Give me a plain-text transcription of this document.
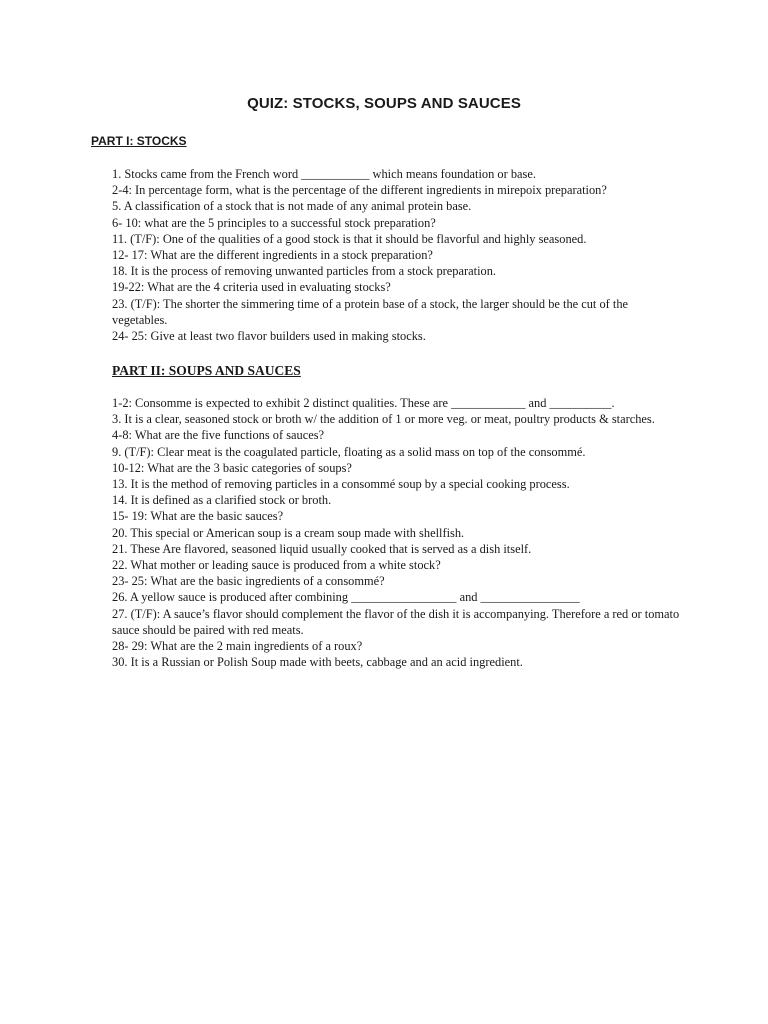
QUIZ: STOCKS, SOUPS AND SAUCES
PART I: STOCKS
1. Stocks came from the French word ___________ which means foundation or base.
2-4: In percentage form, what is the percentage of the different ingredients in mirepoix preparation?
5. A classification of a stock that is not made of any animal protein base.
6- 10: what are the 5 principles to a successful stock preparation?
11. (T/F): One of the qualities of a good stock is that it should be flavorful and highly seasoned.
12- 17: What are the different ingredients in a stock preparation?
18. It is the process of removing unwanted particles from a stock preparation.
19-22: What are the 4 criteria used in evaluating stocks?
23. (T/F): The shorter the simmering time of a protein base of a stock, the larger should be the cut of the vegetables.
24- 25: Give at least two flavor builders used in making stocks.
PART II: SOUPS AND SAUCES
1-2: Consomme is expected to exhibit 2 distinct qualities. These are ____________ and __________.
3. It is a clear, seasoned stock or broth w/ the addition of 1 or more veg. or meat, poultry products & starches.
4-8: What are the five functions of sauces?
9. (T/F): Clear meat is the coagulated particle, floating as a solid mass on top of the consommé.
10-12: What are the 3 basic categories of soups?
13. It is the method of removing particles in a consommé soup by a special cooking process.
14. It is defined as a clarified stock or broth.
15- 19: What are the basic sauces?
20. This special or American soup is a cream soup made with shellfish.
21. These Are flavored, seasoned liquid usually cooked that is served as a dish itself.
22. What mother or leading sauce is produced from a white stock?
23- 25: What are the basic ingredients of a consommé?
26. A yellow sauce is produced after combining _________________ and ________________
27. (T/F): A sauce’s flavor should complement the flavor of the dish it is accompanying. Therefore a red or tomato sauce should be paired with red meats.
28- 29: What are the 2 main ingredients of a roux?
30. It is a Russian or Polish Soup made with beets, cabbage and an acid ingredient.
